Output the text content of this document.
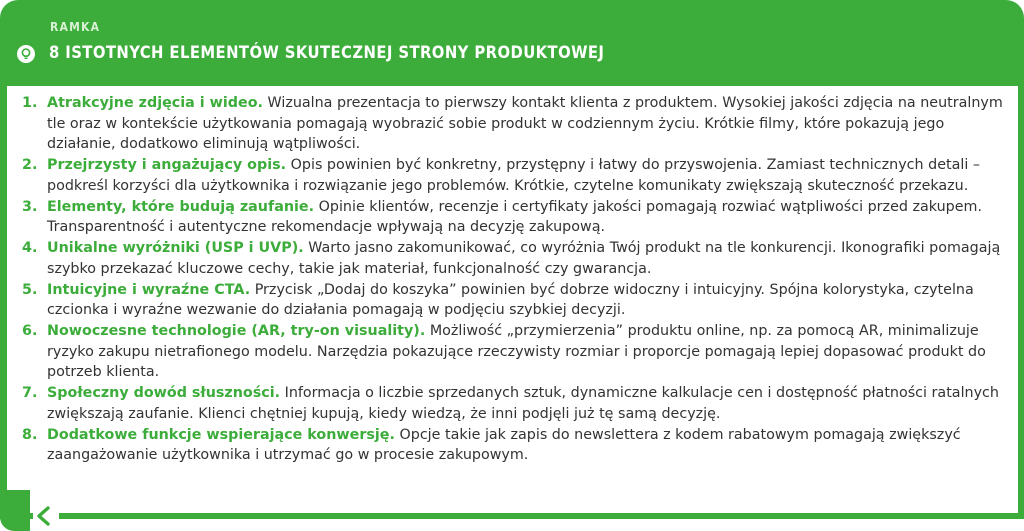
RAMKA
8 ISTOTNYCH ELEMENTÓW SKUTECZNEJ STRONY PRODUKTOWEJ
1. Atrakcyjne zdjęcia i wideo. Wizualna prezentacja to pierwszy kontakt klienta z produktem. Wysokiej jakości zdjęcia na neutralnym tle oraz w kontekście użytkowania pomagają wyobrazić sobie produkt w codziennym życiu. Krótkie filmy, które pokazują jego działanie, dodatkowo eliminują wątpliwości.
2. Przejrzysty i angażujący opis. Opis powinien być konkretny, przystępny i łatwy do przyswojenia. Zamiast technicznych detali – podkreśl korzyści dla użytkownika i rozwiązanie jego problemów. Krótkie, czytelne komunikaty zwiększają skuteczność przekazu.
3. Elementy, które budują zaufanie. Opinie klientów, recenzje i certyfikaty jakości pomagają rozwiać wątpliwości przed zakupem. Transparentność i autentyczne rekomendacje wpływają na decyzję zakupową.
4. Unikalne wyróżniki (USP i UVP). Warto jasno zakomunikować, co wyróżnia Twój produkt na tle konkurencji. Ikonografiki pomagają szybko przekazać kluczowe cechy, takie jak materiał, funkcjonalność czy gwarancja.
5. Intuicyjne i wyraźne CTA. Przycisk „Dodaj do koszyka” powinien być dobrze widoczny i intuicyjny. Spójna kolorystyka, czytelna czcionka i wyraźne wezwanie do działania pomagają w podjęciu szybkiej decyzji.
6. Nowoczesne technologie (AR, try-on visuality). Możliwość „przymierzenia” produktu online, np. za pomocą AR, minimalizuje ryzyko zakupu nietrafionego modelu. Narzędzia pokazujące rzeczywisty rozmiar i proporcje pomagają lepiej dopasować produkt do potrzeb klienta.
7. Społeczny dowód słuszności. Informacja o liczbie sprzedanych sztuk, dynamiczne kalkulacje cen i dostępność płatności ratalnych zwiększają zaufanie. Klienci chętniej kupują, kiedy wiedzą, że inni podjęli już tę samą decyzję.
8. Dodatkowe funkcje wspierające konwersję. Opcje takie jak zapis do newslettera z kodem rabatowym pomagają zwiększyć zaangażowanie użytkownika i utrzymać go w procesie zakupowym.
